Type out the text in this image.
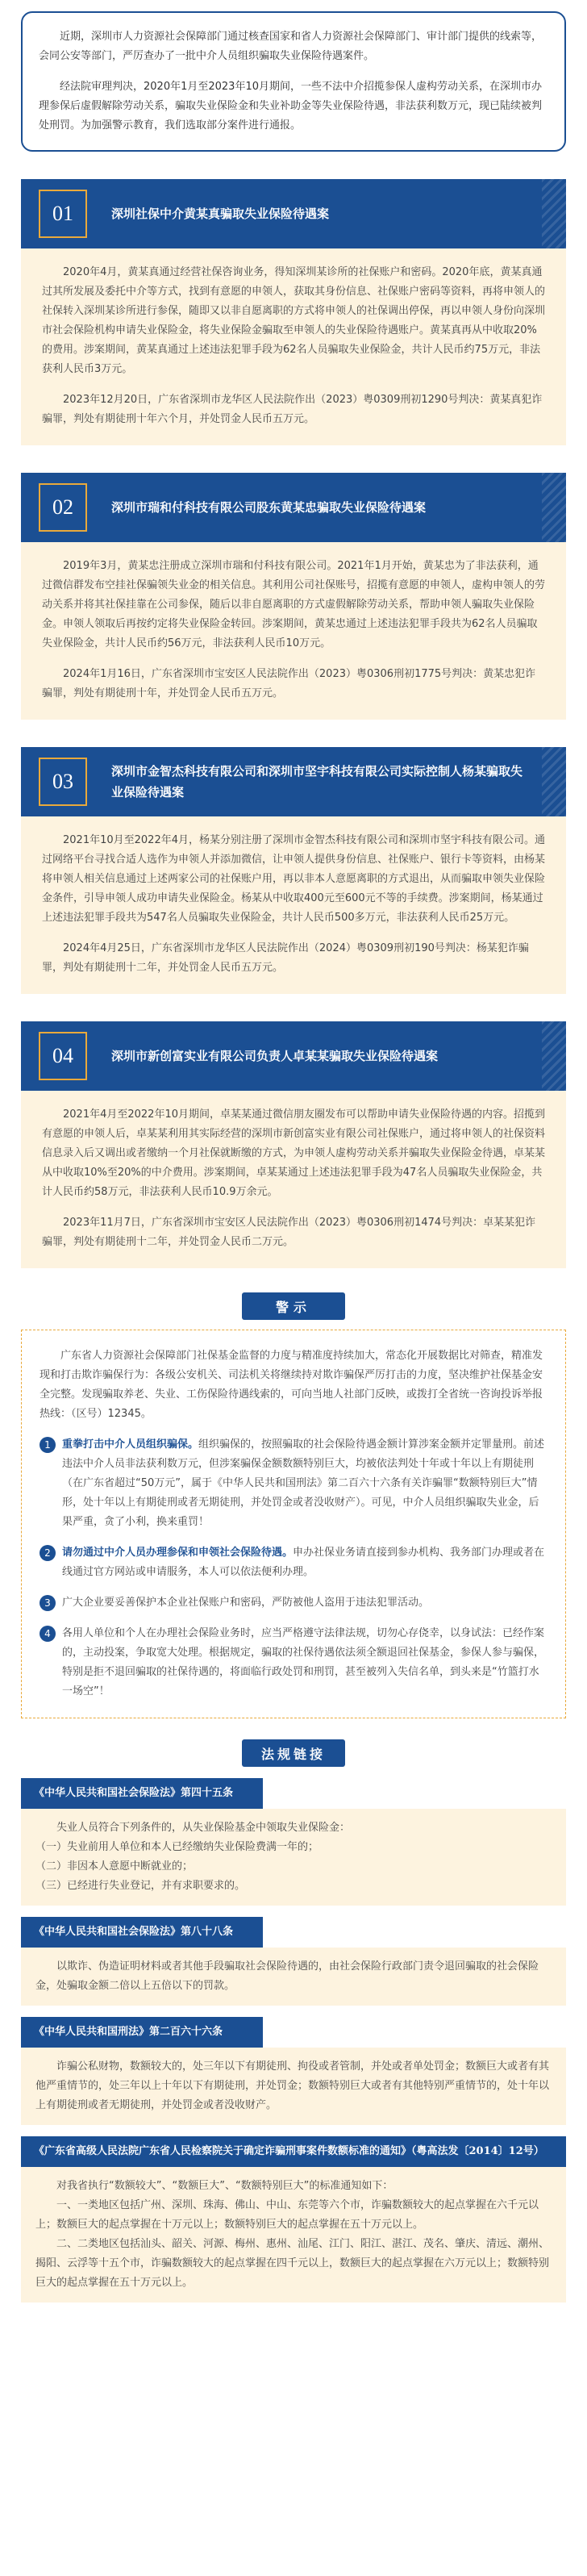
近期，深圳市人力资源社会保障部门通过核查国家和省人力资源社会保障部门、审计部门提供的线索等，会同公安等部门，严厉查办了一批中介人员组织骗取失业保险待遇案件。

经法院审理判决，2020年1月至2023年10月期间，一些不法中介招揽参保人虚构劳动关系，在深圳市办理参保后虚假解除劳动关系，骗取失业保险金和失业补助金等失业保险待遇，非法获利数万元，现已陆续被判处刑罚。为加强警示教育，我们选取部分案件进行通报。

01	深圳社保中介黄某真骗取失业保险待遇案

2020年4月，黄某真通过经营社保咨询业务，得知深圳某诊所的社保账户和密码。2020年底，黄某真通过其所发展及委托中介等方式，找到有意愿的申领人，获取其身份信息、社保账户密码等资料，再将申领人的社保转入深圳某诊所进行参保，随即又以非自愿离职的方式将申领人的社保调出停保，再以申领人身份向深圳市社会保险机构申请失业保险金，将失业保险金骗取至申领人的失业保险待遇账户。黄某真再从中收取20%的费用。涉案期间，黄某真通过上述违法犯罪手段为62名人员骗取失业保险金，共计人民币约75万元，非法获利人民币3万元。

2023年12月20日，广东省深圳市龙华区人民法院作出（2023）粤0309刑初1290号判决：黄某真犯诈骗罪，判处有期徒刑十年六个月，并处罚金人民币五万元。

02	深圳市瑞和付科技有限公司股东黄某忠骗取失业保险待遇案

2019年3月，黄某忠注册成立深圳市瑞和付科技有限公司。2021年1月开始，黄某忠为了非法获利，通过微信群发布空挂社保骗领失业金的相关信息。其利用公司社保账号，招揽有意愿的申领人，虚构申领人的劳动关系并将其社保挂靠在公司参保，随后以非自愿离职的方式虚假解除劳动关系，帮助申领人骗取失业保险金。申领人领取后再按约定将失业保险金转回。涉案期间，黄某忠通过上述违法犯罪手段共为62名人员骗取失业保险金，共计人民币约56万元，非法获利人民币10万元。

2024年1月16日，广东省深圳市宝安区人民法院作出（2023）粤0306刑初1775号判决：黄某忠犯诈骗罪，判处有期徒刑十年，并处罚金人民币五万元。

03	深圳市金智杰科技有限公司和深圳市坚宇科技有限公司实际控制人杨某骗取失业保险待遇案

2021年10月至2022年4月，杨某分别注册了深圳市金智杰科技有限公司和深圳市坚宇科技有限公司。通过网络平台寻找合适人选作为申领人并添加微信，让申领人提供身份信息、社保账户、银行卡等资料，由杨某将申领人相关信息通过上述两家公司的社保账户用，再以非本人意愿离职的方式退出，从而骗取申领失业保险金条件，引导申领人成功申请失业保险金。杨某从中收取400元至600元不等的手续费。涉案期间，杨某通过上述违法犯罪手段共为547名人员骗取失业保险金，共计人民币500多万元，非法获利人民币25万元。

2024年4月25日，广东省深圳市龙华区人民法院作出（2024）粤0309刑初190号判决：杨某犯诈骗罪，判处有期徒刑十二年，并处罚金人民币五万元。

04	深圳市新创富实业有限公司负责人卓某某骗取失业保险待遇案

2021年4月至2022年10月期间，卓某某通过微信朋友圈发布可以帮助申请失业保险待遇的内容。招揽到有意愿的申领人后，卓某某利用其实际经营的深圳市新创富实业有限公司社保账户，通过将申领人的社保资料信息录入后又调出或者缴纳一个月社保就断缴的方式，为申领人虚构劳动关系并骗取失业保险金待遇，卓某某从中收取10%至20%的中介费用。涉案期间，卓某某通过上述违法犯罪手段为47名人员骗取失业保险金，共计人民币约58万元，非法获利人民币10.9万余元。

2023年11月7日，广东省深圳市宝安区人民法院作出（2023）粤0306刑初1474号判决：卓某某犯诈骗罪，判处有期徒刑十二年，并处罚金人民币二万元。

警示

广东省人力资源社会保障部门社保基金监督的力度与精准度持续加大，常态化开展数据比对筛查，精准发现和打击欺诈骗保行为：各级公安机关、司法机关将继续持对欺诈骗保严厉打击的力度，坚决维护社保基金安全完整。发现骗取养老、失业、工伤保险待遇线索的，可向当地人社部门反映，或拨打全省统一咨询投诉举报热线：（区号）12345。

1	重拳打击中介人员组织骗保。组织骗保的，按照骗取的社会保险待遇金额计算涉案金额并定罪量刑。前述违法中介人员非法获利数万元，但涉案骗保金额数额特别巨大，均被依法判处十年或十年以上有期徒刑（在广东省超过“50万元”，属于《中华人民共和国刑法》第二百六十六条有关诈骗罪“数额特别巨大”情形，处十年以上有期徒刑或者无期徒刑，并处罚金或者没收财产）。可见，中介人员组织骗取失业金，后果严重，贪了小利，换来重罚！
2	请勿通过中介人员办理参保和申领社会保险待遇。申办社保业务请直接到参办机构、我务部门办理或者在线通过官方网站或申请服务，本人可以依法便利办理。
3	广大企业要妥善保护本企业社保账户和密码，严防被他人盗用于违法犯罪活动。
4	各用人单位和个人在办理社会保险业务时，应当严格遵守法律法规，切勿心存侥幸，以身试法：已经作案的，主动投案，争取宽大处理。根据规定，骗取的社保待遇依法须全额退回社保基金，参保人参与骗保，特别是拒不退回骗取的社保待遇的，将面临行政处罚和刑罚，甚至被列入失信名单，到头来是“竹篮打水一场空”！
法规链接
《中华人民共和国社会保险法》第四十五条

失业人员符合下列条件的，从失业保险基金中领取失业保险金：

（一）失业前用人单位和本人已经缴纳失业保险费满一年的；

（二）非因本人意愿中断就业的；

（三）已经进行失业登记，并有求职要求的。

《中华人民共和国社会保险法》第八十八条

以欺诈、伪造证明材料或者其他手段骗取社会保险待遇的，由社会保险行政部门责令退回骗取的社会保险金，处骗取金额二倍以上五倍以下的罚款。

《中华人民共和国刑法》第二百六十六条

诈骗公私财物，数额较大的，处三年以下有期徒刑、拘役或者管制，并处或者单处罚金；数额巨大或者有其他严重情节的，处三年以上十年以下有期徒刑，并处罚金；数额特别巨大或者有其他特别严重情节的，处十年以上有期徒刑或者无期徒刑，并处罚金或者没收财产。

《广东省高级人民法院广东省人民检察院关于确定诈骗刑事案件数额标准的通知》（粤高法发〔2014〕12号）

对我省执行“数额较大”、“数额巨大”、“数额特别巨大”的标准通知如下：

一、一类地区包括广州、深圳、珠海、佛山、中山、东莞等六个市，诈骗数额较大的起点掌握在六千元以上；数额巨大的起点掌握在十万元以上；数额特别巨大的起点掌握在五十万元以上。

二、二类地区包括汕头、韶关、河源、梅州、惠州、汕尾、江门、阳江、湛江、茂名、肇庆、清远、潮州、揭阳、云浮等十五个市，诈骗数额较大的起点掌握在四千元以上，数额巨大的起点掌握在六万元以上；数额特别巨大的起点掌握在五十万元以上。
